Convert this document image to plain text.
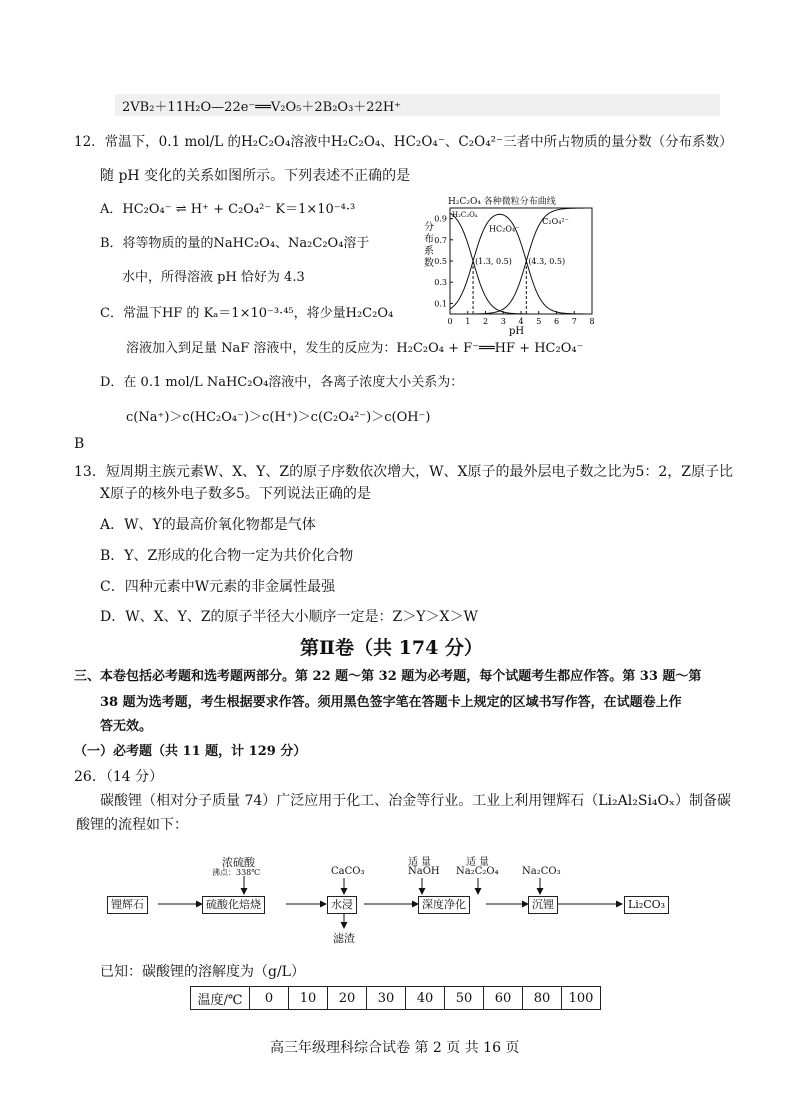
2VB₂＋11H₂O—22e⁻══V₂O₅＋2B₂O₃＋22H⁺
12．常温下，0.1 mol/L 的H₂C₂O₄溶液中H₂C₂O₄、HC₂O₄⁻、C₂O₄²⁻三者中所占物质的量分数（分布系数）
随 pH 变化的关系如图所示。下列表述不正确的是
A．HC₂O₄⁻ ⇌ H⁺ + C₂O₄²⁻ K＝1×10⁻⁴·³
B．将等物质的量的NaHC₂O₄、Na₂C₂O₄溶于
水中，所得溶液 pH 恰好为 4.3
C．常温下HF 的 Kₐ＝1×10⁻³·⁴⁵，将少量H₂C₂O₄
溶液加入到足量 NaF 溶液中，发生的反应为：H₂C₂O₄ + F⁻══HF + HC₂O₄⁻
D．在 0.1 mol/L NaHC₂O₄溶液中，各离子浓度大小关系为：
c(Na⁺)＞c(HC₂O₄⁻)＞c(H⁺)＞c(C₂O₄²⁻)＞c(OH⁻)
B
H₂C₂O₄ 各种微粒分布曲线
0 1 2 3 4 5 6 7 8
0.1
0.3
0.5
0.7
0.9
pH
分
布
系
数
H₂C₂O₄
HC₂O₄⁻
C₂O₄²⁻
(1.3, 0.5) (4.3, 0.5)
13．短周期主族元素W、X、Y、Z的原子序数依次增大，W、X原子的最外层电子数之比为5：2，Z原子比
X原子的核外电子数多5。下列说法正确的是
A．W、Y的最高价氧化物都是气体
B．Y、Z形成的化合物一定为共价化合物
C．四种元素中W元素的非金属性最强
D．W、X、Y、Z的原子半径大小顺序一定是：Z＞Y＞X＞W
第Ⅱ卷（共 174 分）
三、本卷包括必考题和选考题两部分。第 22 题～第 32 题为必考题，每个试题考生都应作答。第 33 题～第
38 题为选考题，考生根据要求作答。须用黑色签字笔在答题卡上规定的区域书写作答，在试题卷上作
答无效。
（一）必考题（共 11 题，计 129 分）
26．（14 分）
碳酸锂（相对分子质量 74）广泛应用于化工、冶金等行业。工业上利用锂辉石（Li₂Al₂Si₄Oₓ）制备碳
酸锂的流程如下：
锂辉石	硫酸化焙烧	水浸	深度净化	沉锂	Li₂CO₃
浓硫酸
沸点：338℃	CaCO₃
适 量
NaOH
适 量
Na₂C₂O₄ Na₂CO₃
滤渣
已知：碳酸锂的溶解度为（g/L）
温度/℃	0	10	20	30	40	50	60	80	100
高三年级理科综合试卷 第 2 页 共 16 页
